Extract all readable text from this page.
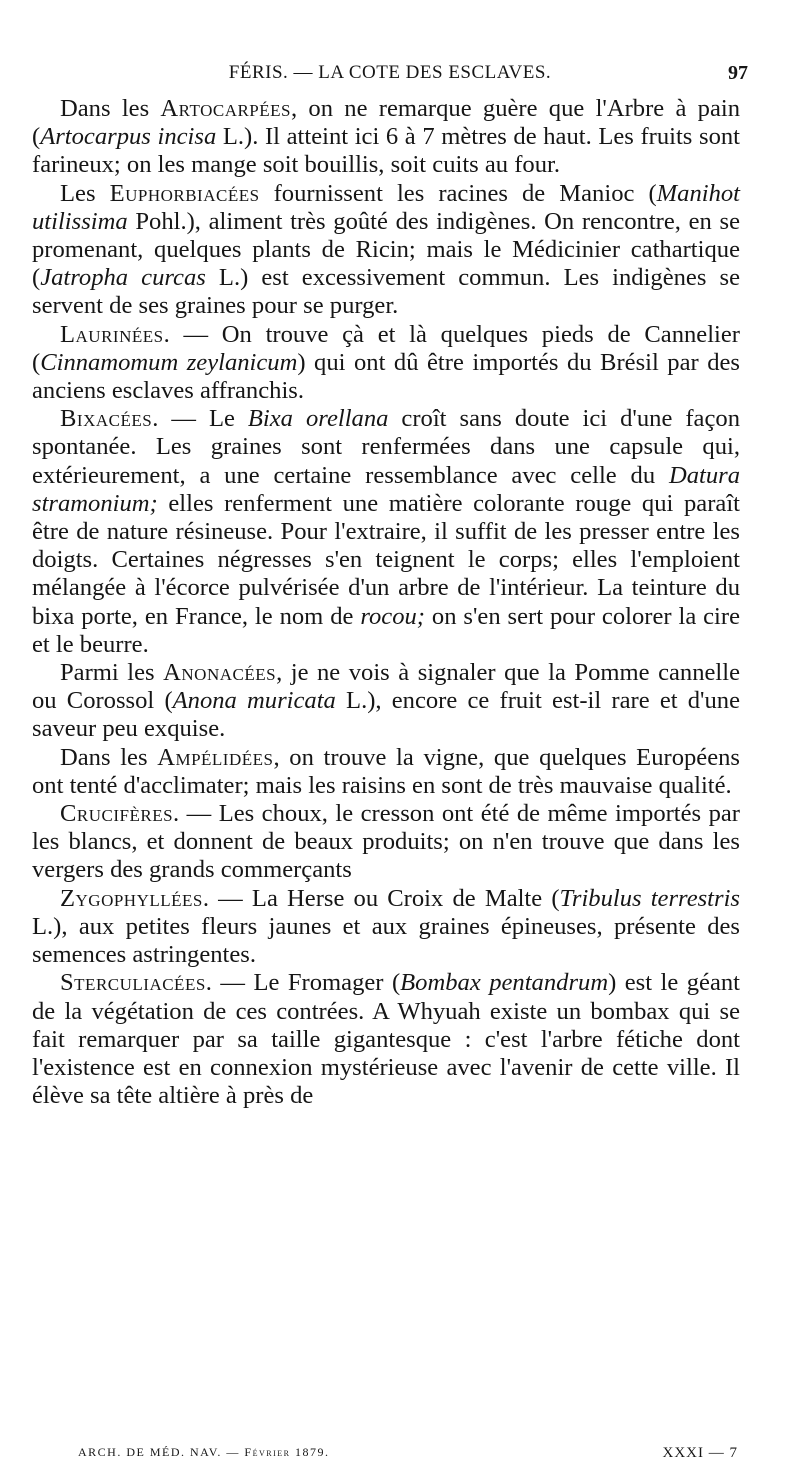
FÉRIS. — LA COTE DES ESCLAVES.	97

Dans les Artocarpées, on ne remarque guère que l'Arbre à pain (Artocarpus incisa L.). Il atteint ici 6 à 7 mètres de haut. Les fruits sont farineux; on les mange soit bouillis, soit cuits au four.

Les Euphorbiacées fournissent les racines de Manioc (Manihot utilissima Pohl.), aliment très goûté des indigènes. On rencontre, en se promenant, quelques plants de Ricin; mais le Médicinier cathartique (Jatropha curcas L.) est excessivement commun. Les indigènes se servent de ses graines pour se purger.

Laurinées. — On trouve çà et là quelques pieds de Cannelier (Cinnamomum zeylanicum) qui ont dû être importés du Brésil par des anciens esclaves affranchis.

Bixacées. — Le Bixa orellana croît sans doute ici d'une façon spontanée. Les graines sont renfermées dans une capsule qui, extérieurement, a une certaine ressemblance avec celle du Datura stramonium; elles renferment une matière colorante rouge qui paraît être de nature résineuse. Pour l'extraire, il suffit de les presser entre les doigts. Certaines négresses s'en teignent le corps; elles l'emploient mélangée à l'écorce pulvérisée d'un arbre de l'intérieur. La teinture du bixa porte, en France, le nom de rocou; on s'en sert pour colorer la cire et le beurre.

Parmi les Anonacées, je ne vois à signaler que la Pomme cannelle ou Corossol (Anona muricata L.), encore ce fruit est-il rare et d'une saveur peu exquise.

Dans les Ampélidées, on trouve la vigne, que quelques Européens ont tenté d'acclimater; mais les raisins en sont de très mauvaise qualité.

Crucifères. — Les choux, le cresson ont été de même importés par les blancs, et donnent de beaux produits; on n'en trouve que dans les vergers des grands commerçants

Zygophyllées. — La Herse ou Croix de Malte (Tribulus terrestris L.), aux petites fleurs jaunes et aux graines épineuses, présente des semences astringentes.

Sterculiacées. — Le Fromager (Bombax pentandrum) est le géant de la végétation de ces contrées. A Whyuah existe un bombax qui se fait remarquer par sa taille gigantesque : c'est l'arbre fétiche dont l'existence est en connexion mystérieuse avec l'avenir de cette ville. Il élève sa tête altière à près de

ARCH. DE MÉD. NAV. — Février 1879.	XXXI — 7
